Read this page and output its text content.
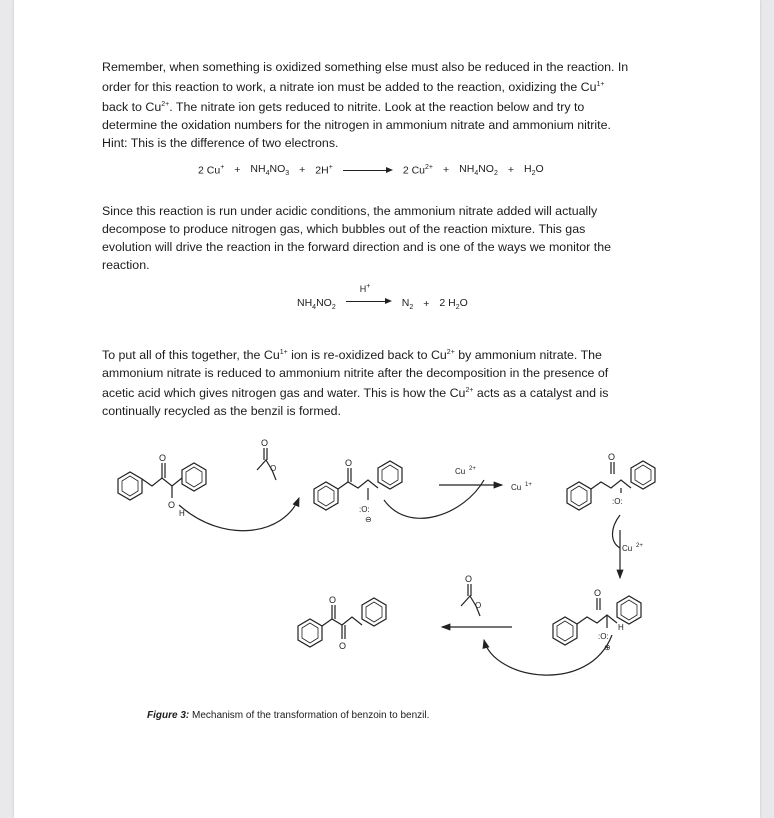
Remember, when something is oxidized something else must also be reduced in the reaction. In
order for this reaction to work, a nitrate ion must be added to the reaction, oxidizing the $Cu^{1+}$
back to $Cu^{2+}$. The nitrate ion gets reduced to nitrite. Look at the reaction below and try to
determine the oxidation numbers for the nitrogen in ammonium nitrate and ammonium nitrite.
Hint: This is the difference of two electrons.
2 $Cu^+ + NH_4NO_3 + 2H^+$	2 $Cu^{2+} + NH_4NO_2 + H_2O$
Since this reaction is run under acidic conditions, the ammonium nitrate added will actually
decompose to produce nitrogen gas, which bubbles out of the reaction mixture. This gas
evolution will drive the reaction in the forward direction and is one of the ways we monitor the
reaction.
$NH_4NO_2$
H+
$N_2 + 2$ $H_2O$
To put all of this together, the $Cu^{1+}$ ion is re-oxidized back to $Cu^{2+}$ by ammonium nitrate. The
ammonium nitrate is reduced to ammonium nitrite after the decomposition in the presence of
acetic acid which gives nitrogen gas and water. This is how the $Cu^{2+}$ acts as a catalyst and is
continually recycled as the benzil is formed.
O
O
H
O
O
O
:O:
⊖
Cu 2+
Cu 1+
O
:O:
Cu 2+
O
:O:
H
⊕
O
O
O
O
Figure 3: Mechanism of the transformation of benzoin to benzil.
